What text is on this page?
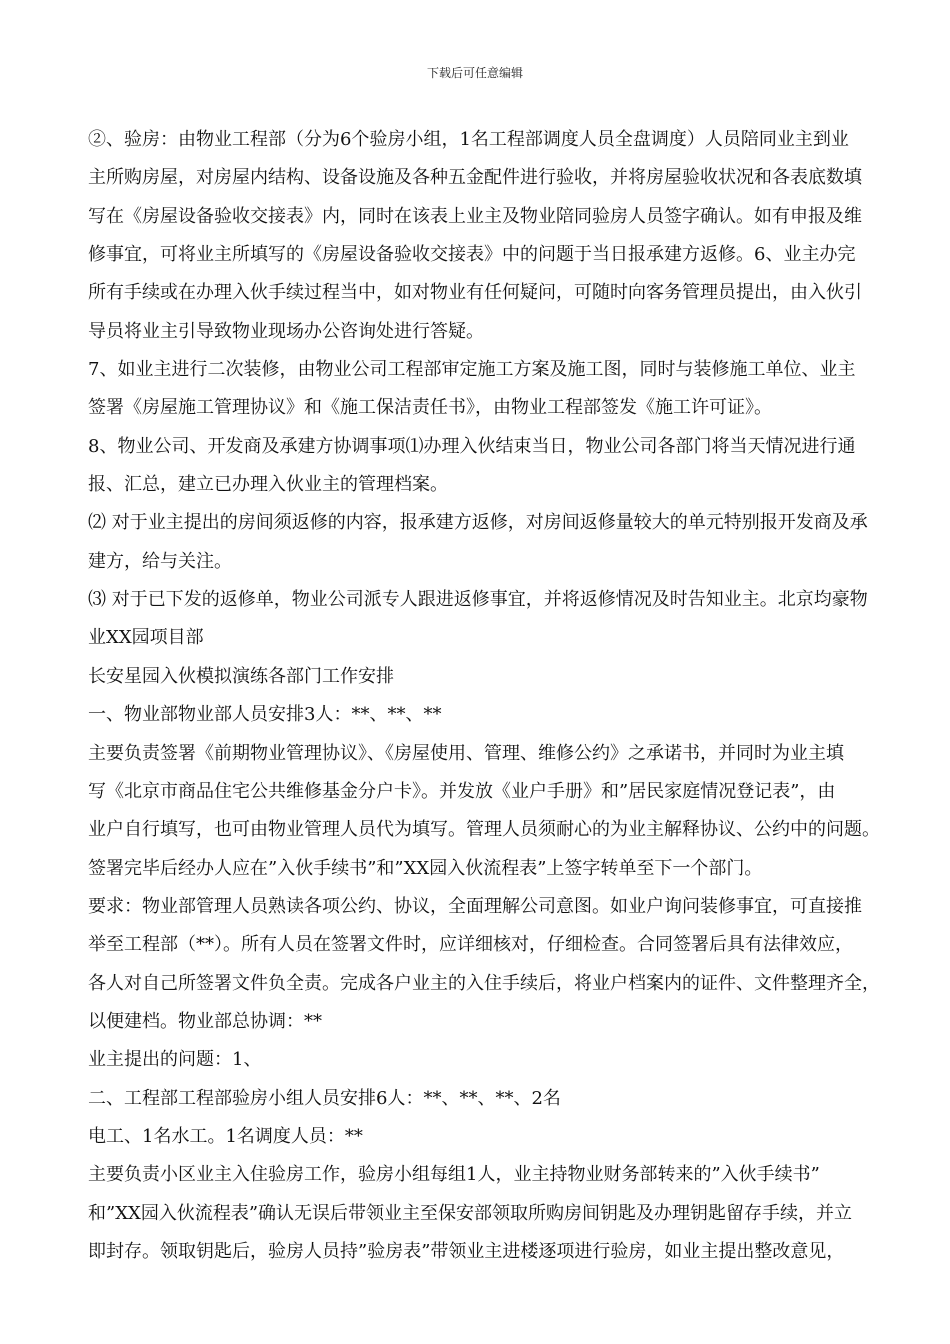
下载后可任意编辑
②、验房：由物业工程部（分为6个验房小组，1名工程部调度人员全盘调度）人员陪同业主到业
主所购房屋，对房屋内结构、设备设施及各种五金配件进行验收，并将房屋验收状况和各表底数填
写在《房屋设备验收交接表》内，同时在该表上业主及物业陪同验房人员签字确认。如有申报及维
修事宜，可将业主所填写的《房屋设备验收交接表》中的问题于当日报承建方返修。6、业主办完
所有手续或在办理入伙手续过程当中，如对物业有任何疑问，可随时向客务管理员提出，由入伙引
导员将业主引导致物业现场办公咨询处进行答疑。
7、如业主进行二次装修，由物业公司工程部审定施工方案及施工图，同时与装修施工单位、业主
签署《房屋施工管理协议》和《施工保洁责任书》，由物业工程部签发《施工许可证》。
8、物业公司、开发商及承建方协调事项⑴办理入伙结束当日，物业公司各部门将当天情况进行通
报、汇总，建立已办理入伙业主的管理档案。
⑵ 对于业主提出的房间须返修的内容，报承建方返修，对房间返修量较大的单元特别报开发商及承
建方，给与关注。
⑶ 对于已下发的返修单，物业公司派专人跟进返修事宜，并将返修情况及时告知业主。北京均豪物
业XX园项目部
长安星园入伙模拟演练各部门工作安排
一、物业部物业部人员安排3人：**、**、**
主要负责签署《前期物业管理协议》、《房屋使用、管理、维修公约》之承诺书，并同时为业主填
写《北京市商品住宅公共维修基金分户卡》。并发放《业户手册》和”居民家庭情况登记表”，由
业户自行填写，也可由物业管理人员代为填写。管理人员须耐心的为业主解释协议、公约中的问题。
签署完毕后经办人应在”入伙手续书”和”XX园入伙流程表”上签字转单至下一个部门。
要求：物业部管理人员熟读各项公约、协议，全面理解公司意图。如业户询问装修事宜，可直接推
举至工程部（**）。所有人员在签署文件时，应详细核对，仔细检查。合同签署后具有法律效应，
各人对自己所签署文件负全责。完成各户业主的入住手续后，将业户档案内的证件、文件整理齐全，
以便建档。物业部总协调：**
业主提出的问题：1、
二、工程部工程部验房小组人员安排6人：**、**、**、2名
电工、1名水工。1名调度人员：**
主要负责小区业主入住验房工作，验房小组每组1人，业主持物业财务部转来的”入伙手续书”
和”XX园入伙流程表”确认无误后带领业主至保安部领取所购房间钥匙及办理钥匙留存手续，并立
即封存。领取钥匙后，验房人员持”验房表”带领业主进楼逐项进行验房，如业主提出整改意见，
